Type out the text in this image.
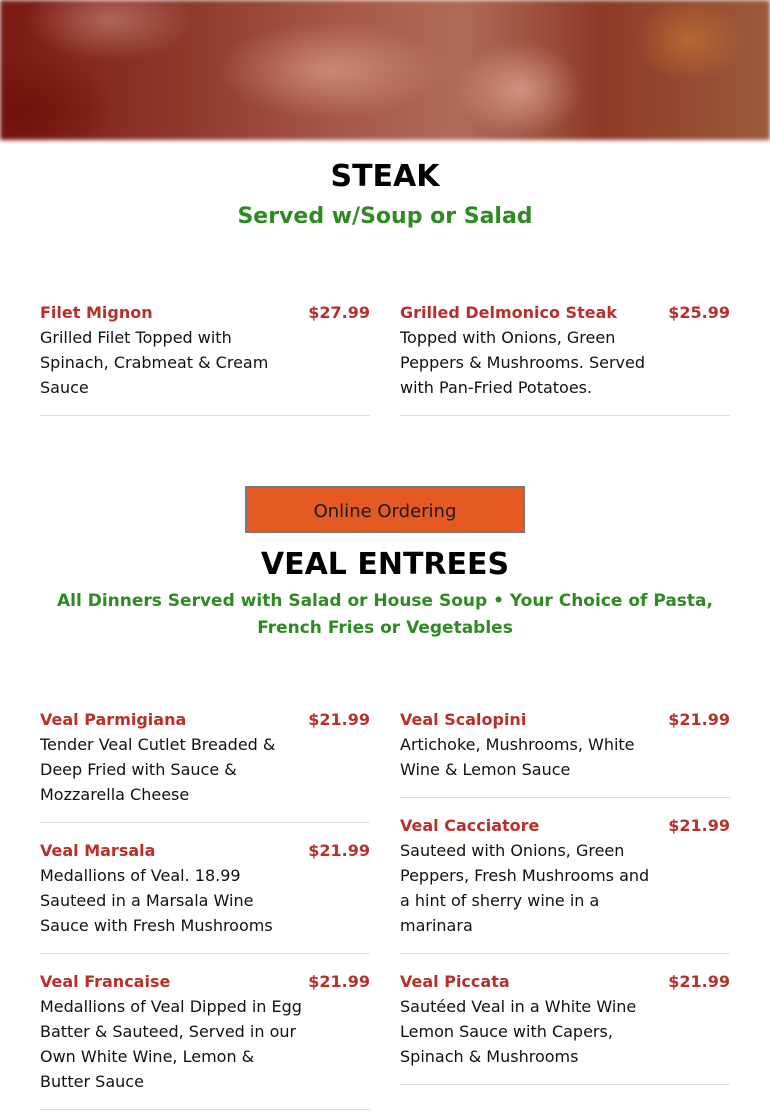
STEAK

Served w/Soup or Salad

Filet Mignon	$27.99
Grilled Filet Topped with Spinach, Crabmeat & Cream Sauce
Grilled Delmonico Steak	$25.99
Topped with Onions, Green Peppers & Mushrooms. Served with Pan-Fried Potatoes.
Online Ordering
VEAL ENTREES

All Dinners Served with Salad or House Soup • Your Choice of Pasta, French Fries or Vegetables

Veal Parmigiana	$21.99
Tender Veal Cutlet Breaded & Deep Fried with Sauce & Mozzarella Cheese
Veal Marsala	$21.99
Medallions of Veal. 18.99 Sauteed in a Marsala Wine Sauce with Fresh Mushrooms
Veal Francaise	$21.99
Medallions of Veal Dipped in Egg Batter & Sauteed, Served in our Own White Wine, Lemon & Butter Sauce
Veal Scalopini	$21.99
Artichoke, Mushrooms, White Wine & Lemon Sauce
Veal Cacciatore	$21.99
Sauteed with Onions, Green Peppers, Fresh Mushrooms and a hint of sherry wine in a marinara
Veal Piccata	$21.99
Sautéed Veal in a White Wine Lemon Sauce with Capers, Spinach & Mushrooms
